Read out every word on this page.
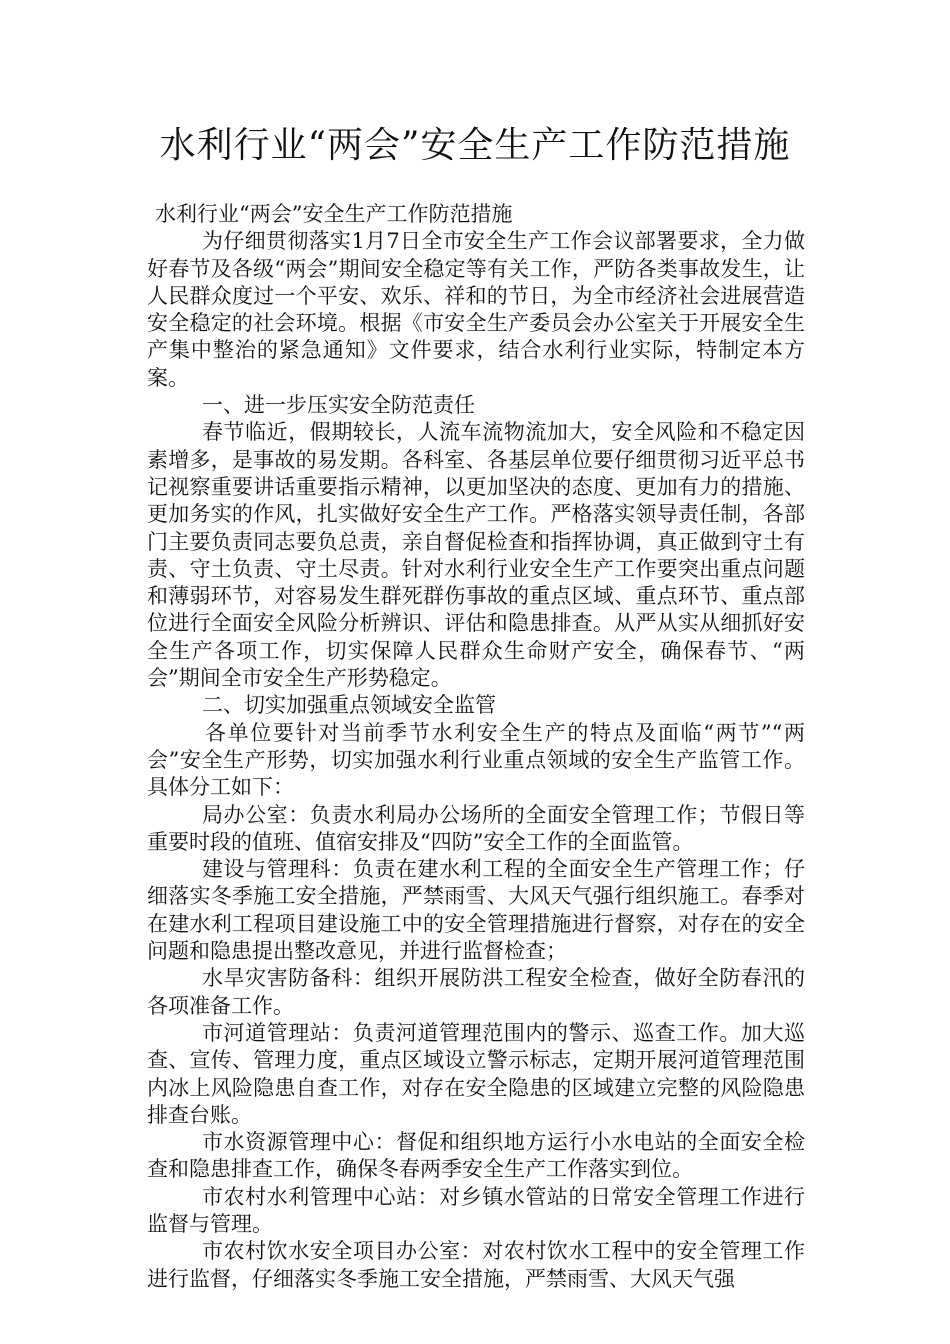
水利行业“两会”安全生产工作防范措施

水利行业“两会”安全生产工作防范措施

为仔细贯彻落实1月7日全市安全生产工作会议部署要求，全力做好春节及各级“两会”期间安全稳定等有关工作，严防各类事故发生，让人民群众度过一个平安、欢乐、祥和的节日，为全市经济社会进展营造安全稳定的社会环境。根据《市安全生产委员会办公室关于开展安全生产集中整治的紧急通知》文件要求，结合水利行业实际，特制定本方案。

一、进一步压实安全防范责任

春节临近，假期较长，人流车流物流加大，安全风险和不稳定因素增多，是事故的易发期。各科室、各基层单位要仔细贯彻习近平总书记视察重要讲话重要指示精神，以更加坚决的态度、更加有力的措施、更加务实的作风，扎实做好安全生产工作。严格落实领导责任制，各部门主要负责同志要负总责，亲自督促检查和指挥协调，真正做到守土有责、守土负责、守土尽责。针对水利行业安全生产工作要突出重点问题和薄弱环节，对容易发生群死群伤事故的重点区域、重点环节、重点部位进行全面安全风险分析辨识、评估和隐患排查。从严从实从细抓好安全生产各项工作，切实保障人民群众生命财产安全，确保春节、“两会”期间全市安全生产形势稳定。

二、切实加强重点领域安全监管

各单位要针对当前季节水利安全生产的特点及面临“两节”“两会”安全生产形势，切实加强水利行业重点领域的安全生产监管工作。具体分工如下：

局办公室：负责水利局办公场所的全面安全管理工作；节假日等重要时段的值班、值宿安排及“四防”安全工作的全面监管。

建设与管理科：负责在建水利工程的全面安全生产管理工作；仔细落实冬季施工安全措施，严禁雨雪、大风天气强行组织施工。春季对在建水利工程项目建设施工中的安全管理措施进行督察，对存在的安全问题和隐患提出整改意见，并进行监督检查；

水旱灾害防备科：组织开展防洪工程安全检查，做好全防春汛的各项准备工作。

市河道管理站：负责河道管理范围内的警示、巡查工作。加大巡查、宣传、管理力度，重点区域设立警示标志，定期开展河道管理范围内冰上风险隐患自查工作，对存在安全隐患的区域建立完整的风险隐患排查台账。

市水资源管理中心：督促和组织地方运行小水电站的全面安全检查和隐患排查工作，确保冬春两季安全生产工作落实到位。

市农村水利管理中心站：对乡镇水管站的日常安全管理工作进行监督与管理。

市农村饮水安全项目办公室：对农村饮水工程中的安全管理工作进行监督，仔细落实冬季施工安全措施，严禁雨雪、大风天气强
